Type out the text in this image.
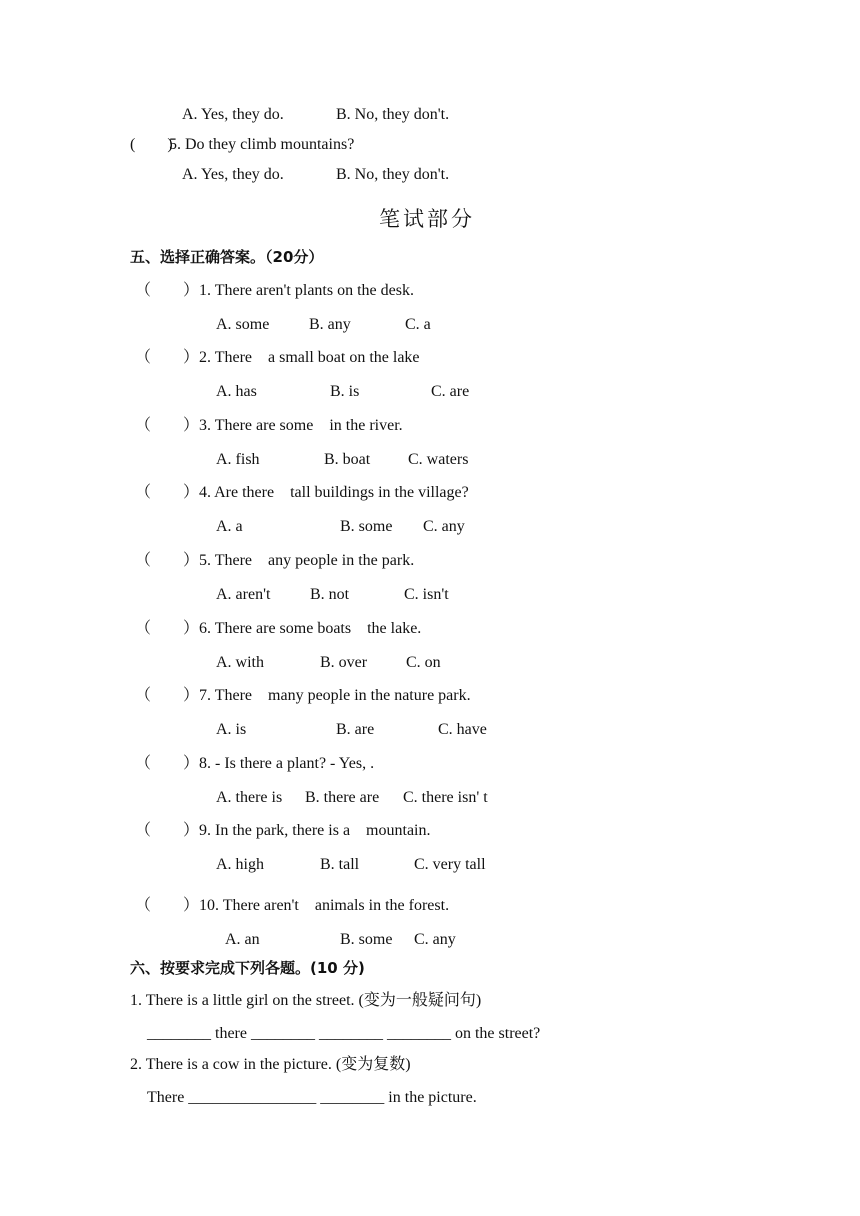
A. Yes, they do.	B. No, they don't.
(        )
5. Do they climb mountains?
A. Yes, they do.	B. No, they don't.
笔试部分
五、选择正确答案。（20分）
（        ） 1. There aren't plants on the desk.
A. some B. any	C. a
（        ） 2. There    a small boat on the lake
A. has	B. is	C. are
（        ） 3. There are some    in the river.
A. fish	B. boat C. waters
（        ） 4. Are there    tall buildings in the village?
A. a	B. some C. any
（        ） 5. There    any people in the park.
A. aren't B. not	C. isn't
（        ） 6. There are some boats    the lake.
A. with	B. over C. on
（        ） 7. There    many people in the nature park.
A. is	B. are	C. have
（        ） 8. - Is there a plant? - Yes, .
A. there is B. there are C. there isn' t
（        ） 9. In the park, there is a    mountain.
A. high	B. tall	C. very tall
（        ） 10. There aren't    animals in the forest.
A. an	B. some C. any
六、按要求完成下列各题。(10 分)
1. There is a little girl on the street. (变为一般疑问句)
________ there ________ ________ ________ on the street?
2. There is a cow in the picture. (变为复数)
There ________________ ________ in the picture.
